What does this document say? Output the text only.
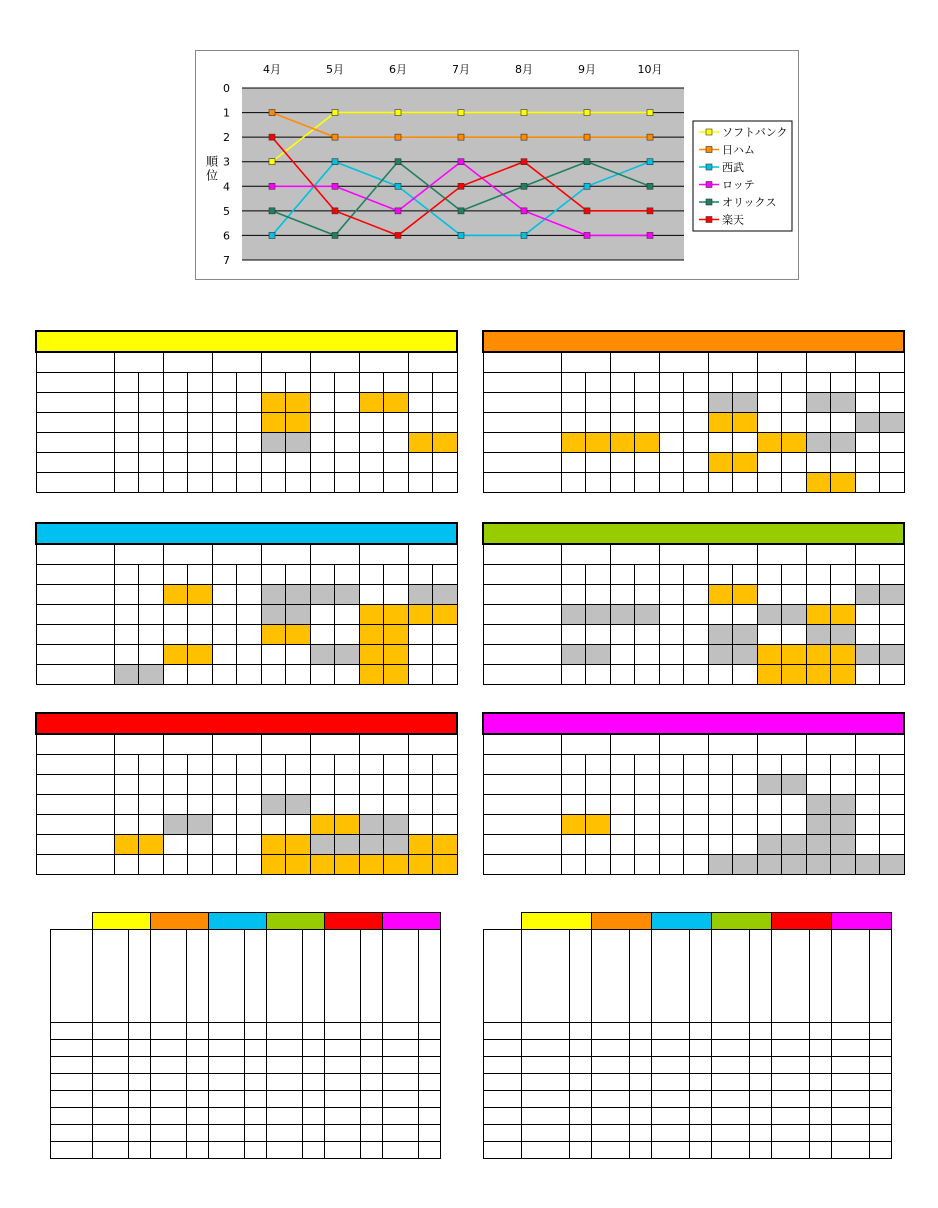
0
1
2
3
4
5
6
7
4月	5月	6月	7月	8月	9月	10月
順位
ソフトバンク
日ハム
西武
ロッテ
オリックス
楽天
